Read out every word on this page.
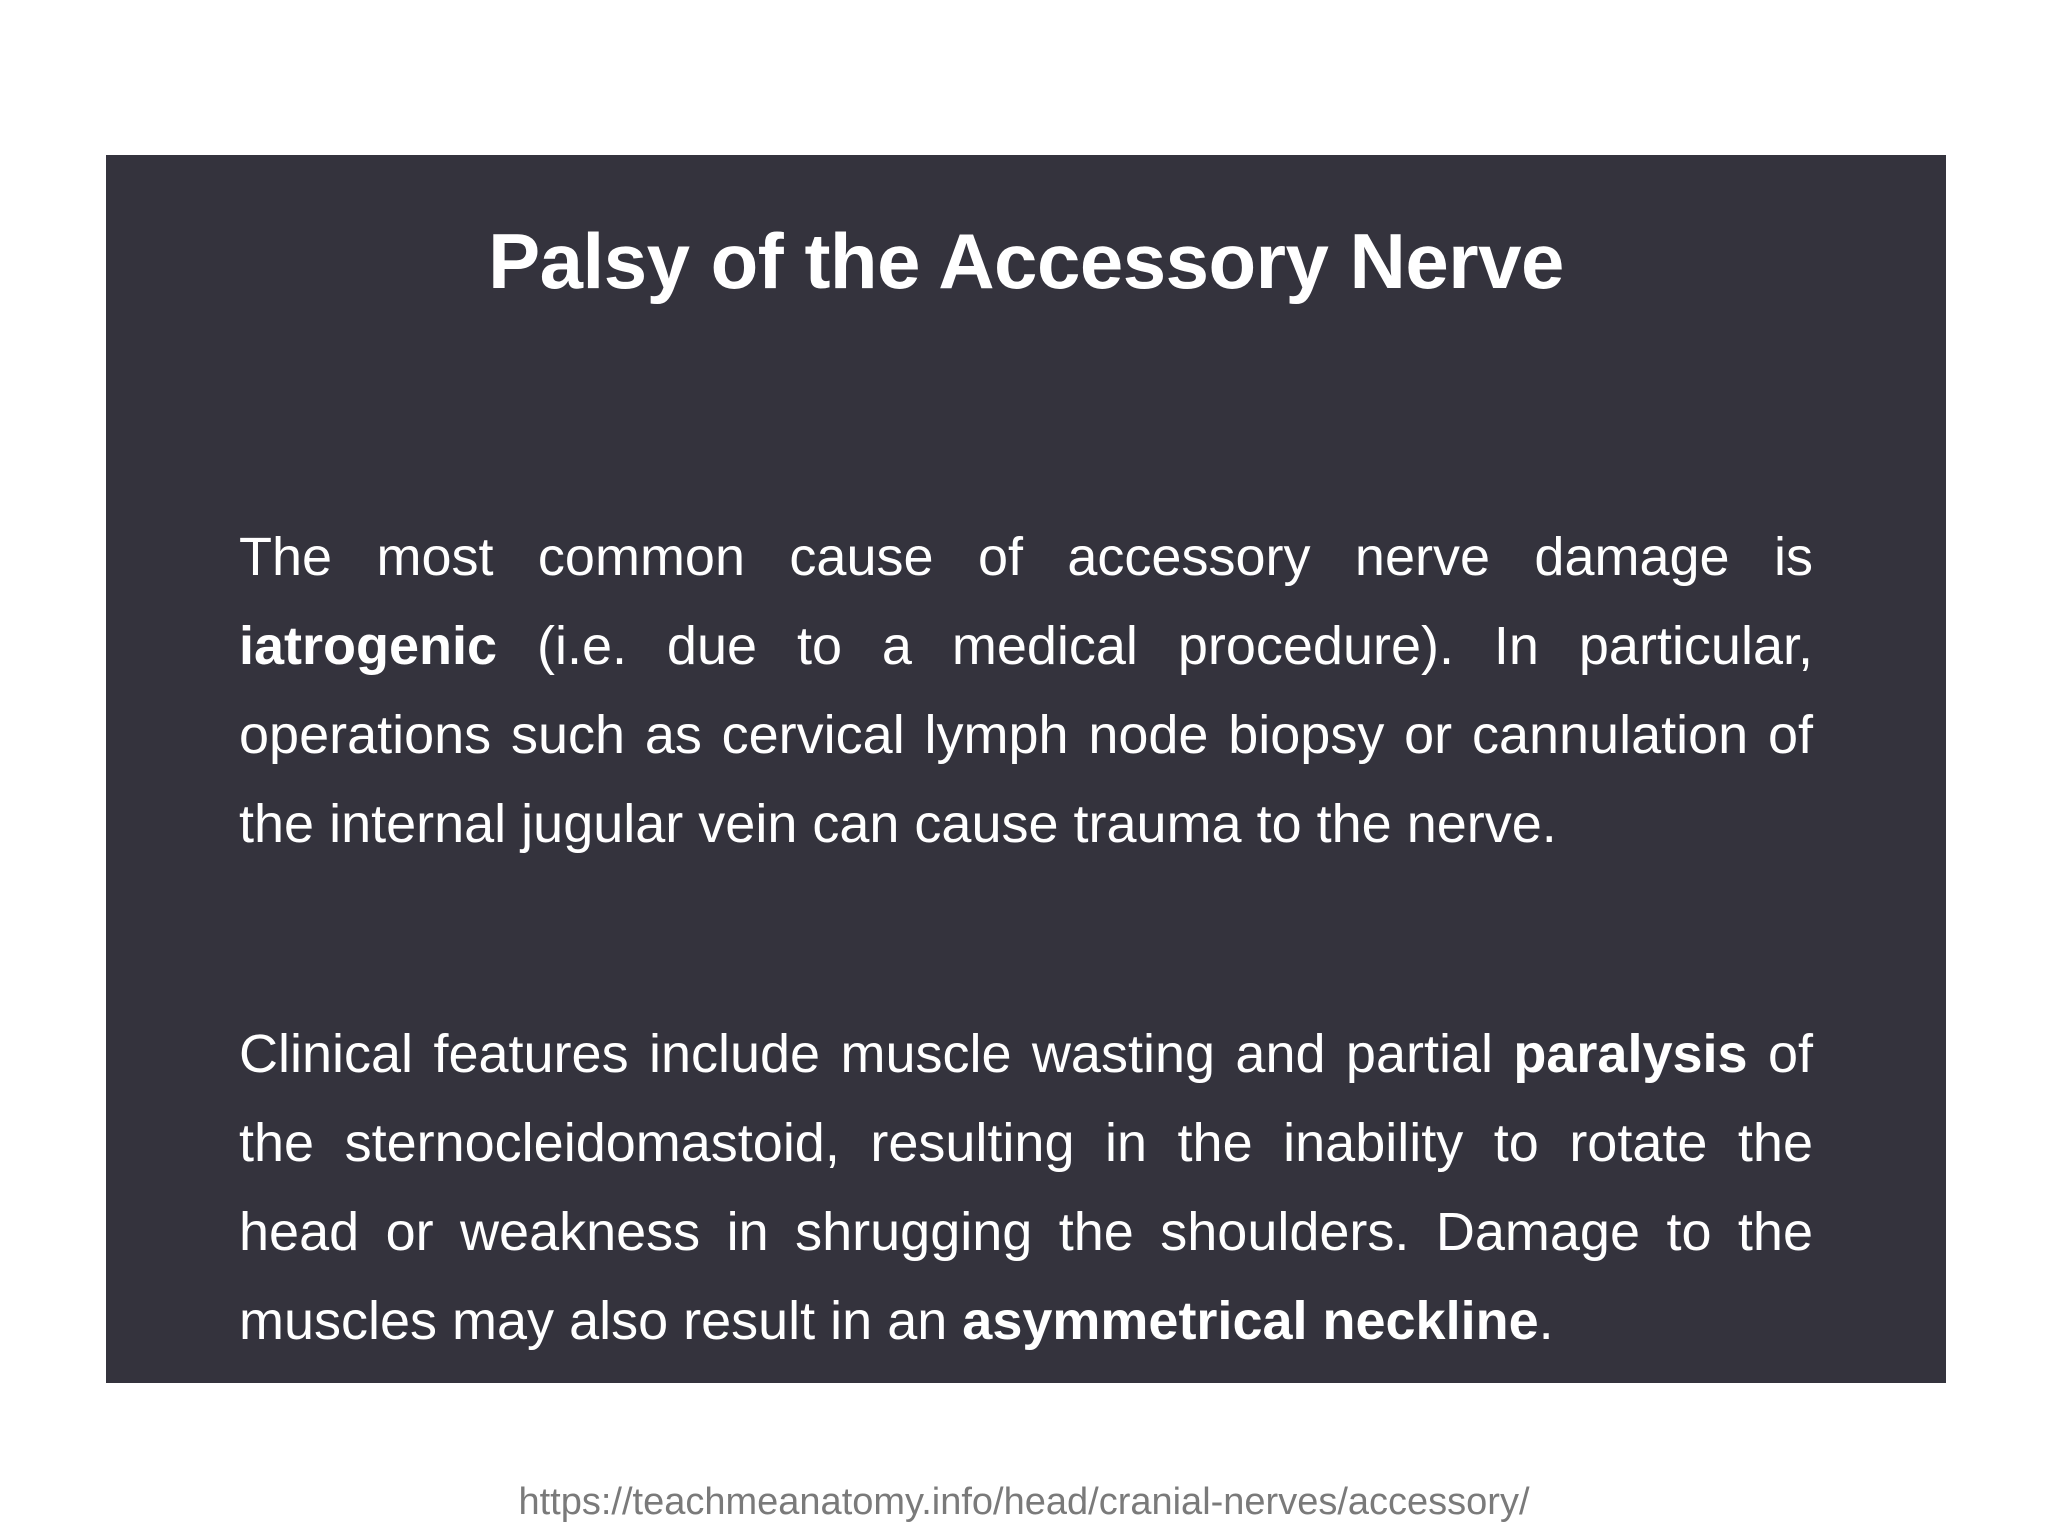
Palsy of the Accessory Nerve

The most common cause of accessory nerve damage is iatrogenic (i.e. due to a medical procedure). In particular, operations such as cervical lymph node biopsy or cannulation of the internal jugular vein can cause trauma to the nerve.

Clinical features include muscle wasting and partial paralysis of the sternocleidomastoid, resulting in the inability to rotate the head or weakness in shrugging the shoulders. Damage to the muscles may also result in an asymmetrical neckline.

https://teachmeanatomy.info/head/cranial-nerves/accessory/
